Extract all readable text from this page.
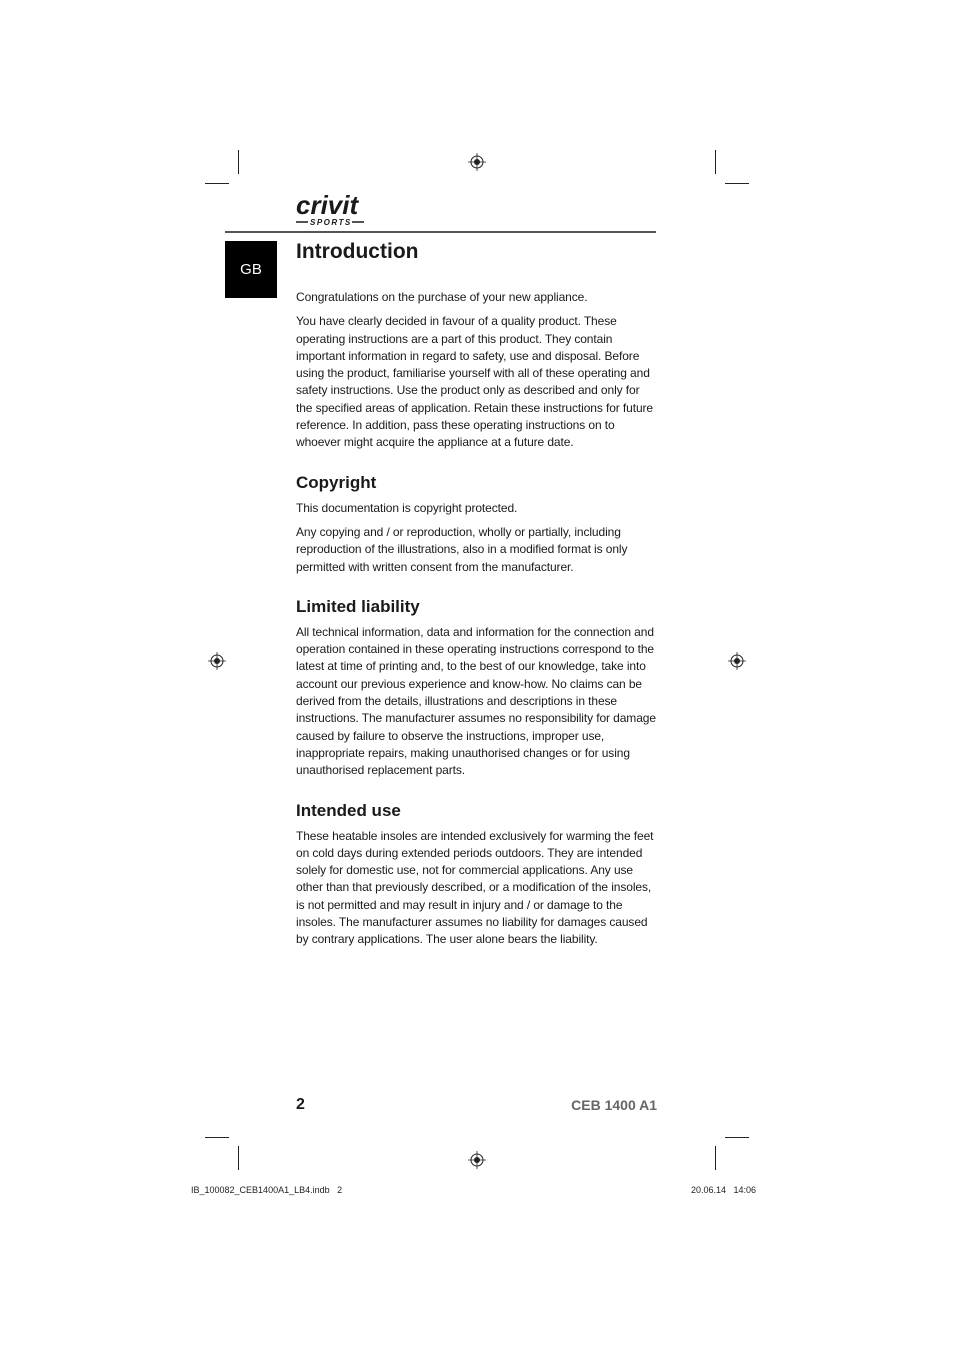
crivit
SPORTS
GB
Introduction

Congratulations on the purchase of your new appliance.

You have clearly decided in favour of a quality product. These operating instructions are a part of this product. They contain important information in regard to safety, use and disposal. Before using the product, familiarise yourself with all of these operating and safety instructions. Use the product only as described and only for the specified areas of application. Retain these instructions for future reference. In addition, pass these operating instructions on to whoever might acquire the appliance at a future date.

Copyright

This documentation is copyright protected.

Any copying and / or reproduction, wholly or partially, including reproduction of the illustrations, also in a modified format is only permitted with written consent from the manufacturer.

Limited liability

All technical information, data and information for the connection and operation contained in these operating instructions correspond to the latest at time of printing and, to the best of our knowledge, take into account our previous experience and know-how. No claims can be derived from the details, illustrations and descriptions in these instructions. The manufacturer assumes no responsibility for damage caused by failure to observe the instructions, improper use, inappropriate repairs, making unauthorised changes or for using unauthorised replacement parts.

Intended use

These heatable insoles are intended exclusively for warming the feet on cold days during extended periods outdoors. They are intended solely for domestic use, not for commercial applications. Any use other than that previously described, or a modification of the insoles, is not permitted and may result in injury and / or damage to the insoles. The manufacturer assumes no liability for damages caused by contrary applications. The user alone bears the liability.

2	CEB 1400 A1
IB_100082_CEB1400A1_LB4.indb   2	20.06.14   14:06
